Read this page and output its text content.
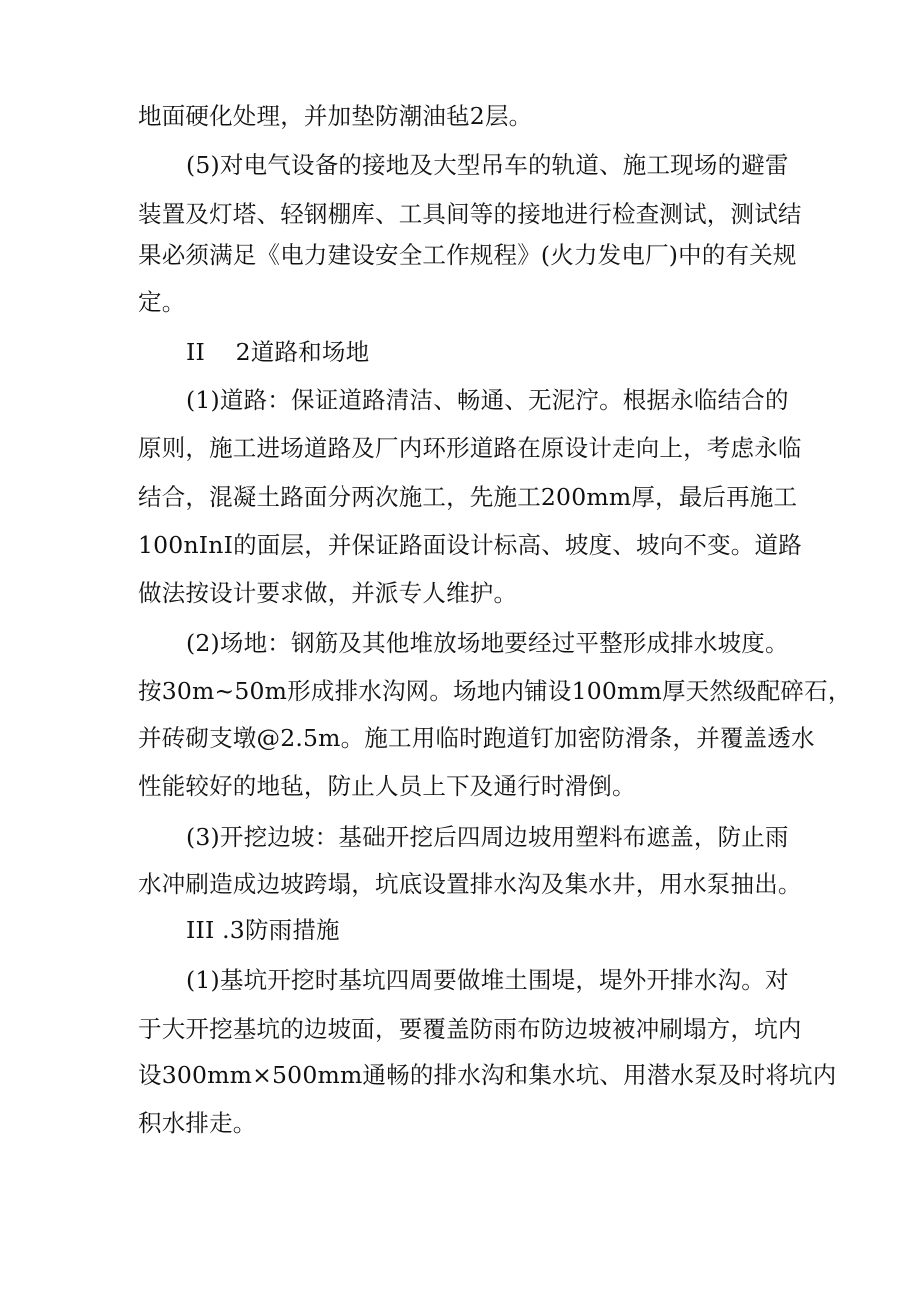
地面硬化处理，并加垫防潮油毡2层。
(5)对电气设备的接地及大型吊车的轨道、施工现场的避雷
装置及灯塔、轻钢棚库、工具间等的接地进行检查测试，测试结
果必须满足《电力建设安全工作规程》(火力发电厂)中的有关规
定。
II    2道路和场地
(1)道路：保证道路清洁、畅通、无泥泞。根据永临结合的
原则，施工进场道路及厂内环形道路在原设计走向上，考虑永临
结合，混凝土路面分两次施工，先施工200mm厚，最后再施工
100nInI的面层，并保证路面设计标高、坡度、坡向不变。道路
做法按设计要求做，并派专人维护。
(2)场地：钢筋及其他堆放场地要经过平整形成排水坡度。
按30m~50m形成排水沟网。场地内铺设100mm厚天然级配碎石，
并砖砌支墩@2.5m。施工用临时跑道钉加密防滑条，并覆盖透水
性能较好的地毡，防止人员上下及通行时滑倒。
(3)开挖边坡：基础开挖后四周边坡用塑料布遮盖，防止雨
水冲刷造成边坡跨塌，坑底设置排水沟及集水井，用水泵抽出。
III .3防雨措施
(1)基坑开挖时基坑四周要做堆土围堤，堤外开排水沟。对
于大开挖基坑的边坡面，要覆盖防雨布防边坡被冲刷塌方，坑内
设300mm×500mm通畅的排水沟和集水坑、用潜水泵及时将坑内
积水排走。
